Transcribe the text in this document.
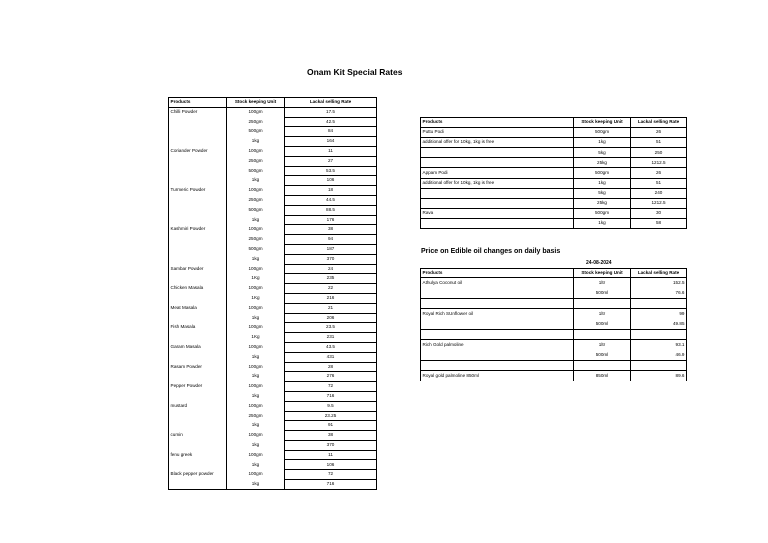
Onam Kit Special Rates
Products	Stock keeping Unit	Lackal selling Rate
Chilli Powder	100gm	17.5
	250gm	42.5
	500gm	84
	1kg	164
Coriander Powder	100gm	11
	250gm	27
	500gm	53.5
	1kg	106
Turmeric Powder	100gm	18
	250gm	44.5
	500gm	88.5
	1kg	176
Kashmiri Powder	100gm	38
	250gm	94
	500gm	187
	1kg	370
Sambar Powder	100gm	24
	1Kg	235
Chicken Masala	100gm	22
	1Kg	216
Meat Masala	100gm	21
	1kg	206
Fish Masala	100gm	23.5
	1Kg	231
Garam Masala	100gm	43.5
	1kg	431
Rasam Powder	100gm	28
	1kg	276
Pepper Powder	100gm	72
	1kg	716
mustard	100gm	9.5
	250gm	23.25
	1kg	91
cumin	100gm	38
	1kg	370
fenu greek	100gm	11
	1kg	106
Black pepper powder	100gm	72
	1kg	716
Products	Stock keeping Unit	Lackal selling Rate
Puttu Podi	500gm	26
additional offer for 10kg, 1kg is free	1kg	51
	5kg	250
	25kg	1212.5
Appam Podi	500gm	26
additional offer for 10kg, 1kg is free	1kg	51
	5kg	240
	25kg	1212.5
Rava	500gm	30
	1kg	58
Price on Edible oil changes on daily basis
24-08-2024
Products	Stock keeping Unit	Lackal selling Rate
Athulya Coconut oil	1ltr	152.5
	500ml	76.6

Royal Rich SUnflower oil	1ltr	99
	500ml	49.85

Rich Gold palmoline	1ltr	93.1
	500ml	46.9

Royal gold palmoline 850ml	850ml	89.6
